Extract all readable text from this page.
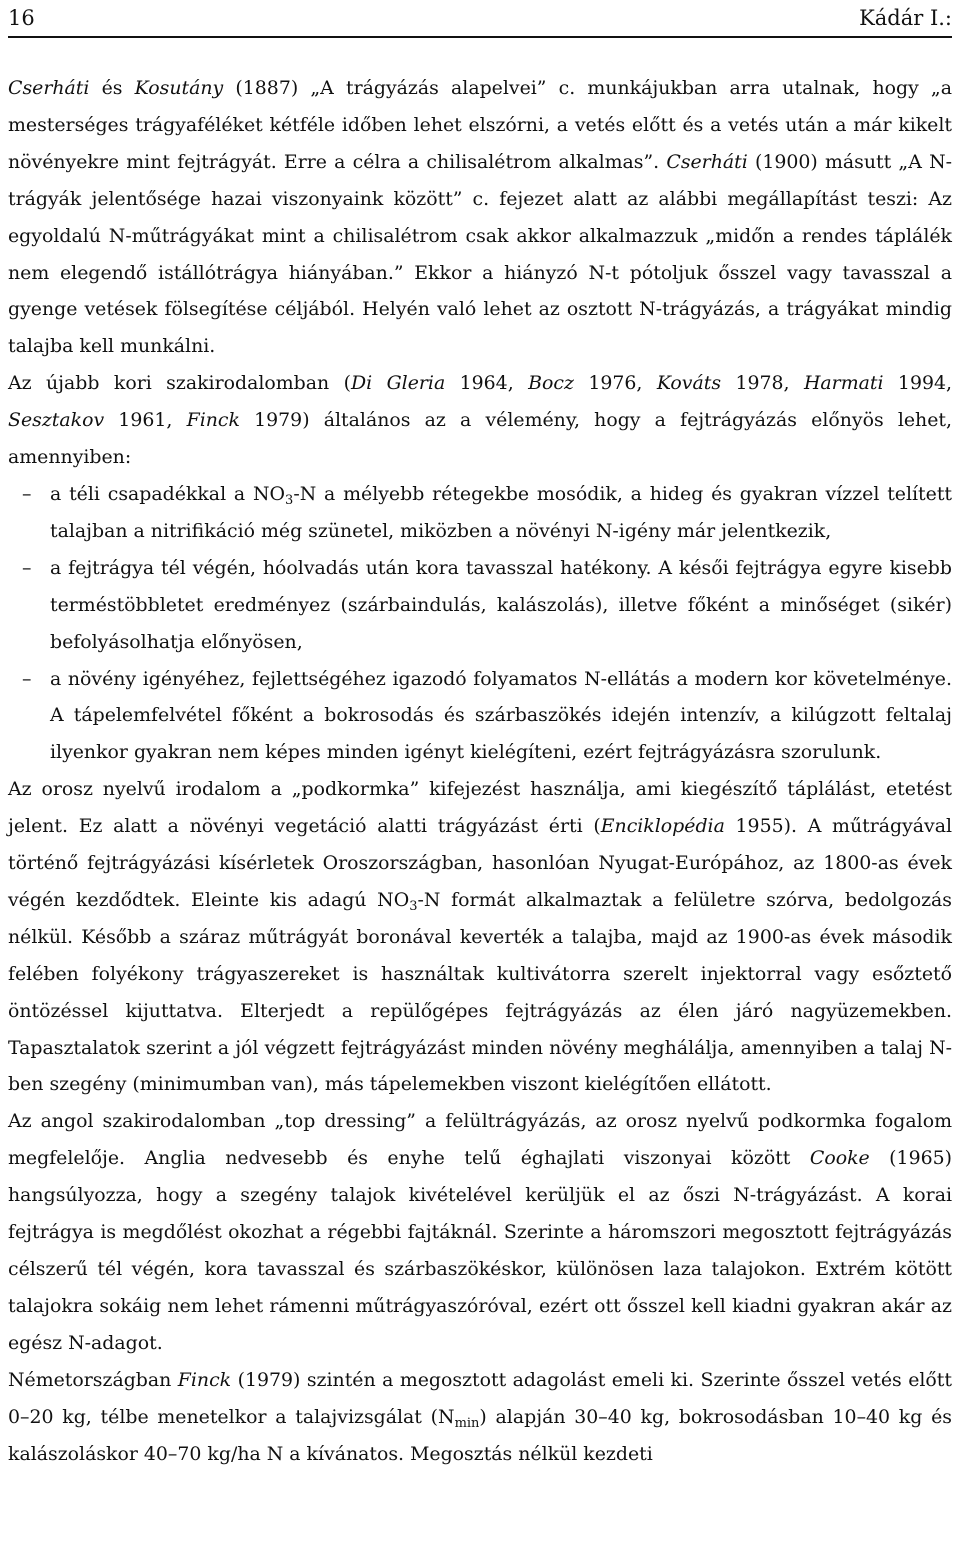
16	Kádár I.:

Cserháti és Kosutány (1887) „A trágyázás alapelvei” c. munkájukban arra utalnak, hogy „a mesterséges trágyaféléket kétféle időben lehet elszórni, a vetés előtt és a vetés után a már kikelt növényekre mint fejtrágyát. Erre a célra a chilisalétrom alkalmas”. Cserháti (1900) másutt „A N-trágyák jelentősége hazai viszonyaink között” c. fejezet alatt az alábbi megállapítást teszi: Az egyoldalú N-műtrágyákat mint a chilisalétrom csak akkor alkalmazzuk „midőn a rendes táplálék nem elegendő istállótrágya hiányában.” Ekkor a hiányzó N-t pótoljuk ősszel vagy tavasszal a gyenge vetések fölsegítése céljából. Helyén való lehet az osztott N-trágyázás, a trágyákat mindig talajba kell munkálni.

Az újabb kori szakirodalomban (Di Gleria 1964, Bocz 1976, Kováts 1978, Harmati 1994, Sesztakov 1961, Finck 1979) általános az a vélemény, hogy a fejtrágyázás előnyös lehet, amennyiben:

– a téli csapadékkal a $NO_3-N$ a mélyebb rétegekbe mosódik, a hideg és gyakran vízzel telített talajban a nitrifikáció még szünetel, miközben a növényi N-igény már jelentkezik,
– a fejtrágya tél végén, hóolvadás után kora tavasszal hatékony. A késői fejtrágya egyre kisebb terméstöbbletet eredményez (szárbaindulás, kalászolás), illetve főként a minőséget (sikér) befolyásolhatja előnyösen,
– a növény igényéhez, fejlettségéhez igazodó folyamatos N-ellátás a modern kor követelménye. A tápelemfelvétel főként a bokrosodás és szárbaszökés idején intenzív, a kilúgzott feltalaj ilyenkor gyakran nem képes minden igényt kielégíteni, ezért fejtrágyázásra szorulunk.

Az orosz nyelvű irodalom a „podkormka” kifejezést használja, ami kiegészítő táplálást, etetést jelent. Ez alatt a növényi vegetáció alatti trágyázást érti (Enciklopédia 1955). A műtrágyával történő fejtrágyázási kísérletek Oroszországban, hasonlóan Nyugat-Európához, az 1800-as évek végén kezdődtek. Eleinte kis adagú $NO_3-N$ formát alkalmaztak a felületre szórva, bedolgozás nélkül. Később a száraz műtrágyát boronával keverték a talajba, majd az 1900-as évek második felében folyékony trágyaszereket is használtak kultivátorra szerelt injektorral vagy esőztető öntözéssel kijuttatva. Elterjedt a repülőgépes fejtrágyázás az élen járó nagyüzemekben. Tapasztalatok szerint a jól végzett fejtrágyázást minden növény meghálálja, amennyiben a talaj N-ben szegény (minimumban van), más tápelemekben viszont kielégítően ellátott.

Az angol szakirodalomban „top dressing” a felültrágyázás, az orosz nyelvű podkormka fogalom megfelelője. Anglia nedvesebb és enyhe telű éghajlati viszonyai között Cooke (1965) hangsúlyozza, hogy a szegény talajok kivételével kerüljük el az őszi N-trágyázást. A korai fejtrágya is megdőlést okozhat a régebbi fajtáknál. Szerinte a háromszori megosztott fejtrágyázás célszerű tél végén, kora tavasszal és szárbaszökéskor, különösen laza talajokon. Extrém kötött talajokra sokáig nem lehet rámenni műtrágyaszóróval, ezért ott ősszel kell kiadni gyakran akár az egész N-adagot.

Németországban Finck (1979) szintén a megosztott adagolást emeli ki. Szerinte ősszel vetés előtt 0–20 kg, télbe menetelkor a talajvizsgálat $(N_{min})$ alapján 30–40 kg, bokrosodásban 10–40 kg és kalászoláskor 40–70 kg/ha N a kívánatos. Megosztás nélkül kezdeti
